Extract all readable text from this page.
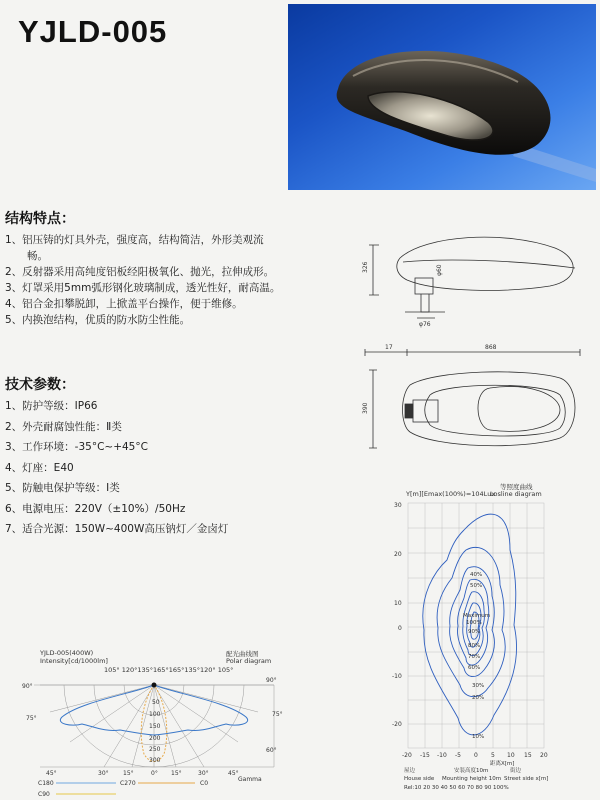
YJLD-005
结构特点：
1、铝压铸的灯具外壳，强度高，结构简洁，外形美观流
畅。
2、反射器采用高纯度铝板经阳极氧化、抛光，拉伸成形。
3、灯罩采用5mm弧形钢化玻璃制成，透光性好，耐高温。
4、铝合金扣攀脱卸，上掀盖平台操作，便于维修。
5、内换泡结构，优质的防水防尘性能。
技术参数：
1、防护等级：IP66
2、外壳耐腐蚀性能：Ⅱ类
3、工作环境：-35°C~+45°C
4、灯座：E40
5、防触电保护等级：Ⅰ类
6、电源电压：220V（±10%）/50Hz
7、适合光源：150W~400W高压钠灯／金卤灯
326	φ60
φ76
17	868
390
YJLD-005(400W)
Intensity[cd/1000lm]
配光曲线图
Polar diagram
105° 120°135°165°165°135°120° 105°
90°
90°
75°
75°
60°
50
100
150
200
250
300
45°	30° 15°	0° 15°	30°	45°
C180	C270	C0
Gamma
C90
等照度曲线
Losline diagram
Y[m][Emax(100%)=104Lux
40%
50%
Maximum
100%
90%
80%
70%
60%
30%
20%
10%
30
20
10
0
-10
-20
-20 -15 -10 -5 0 5 10 15 20
距离X[m]
屋边	安装高度10m	街边
House side Mounting height 10m Street side x[m]
Rel:10 20 30 40 50 60 70 80 90 100%
